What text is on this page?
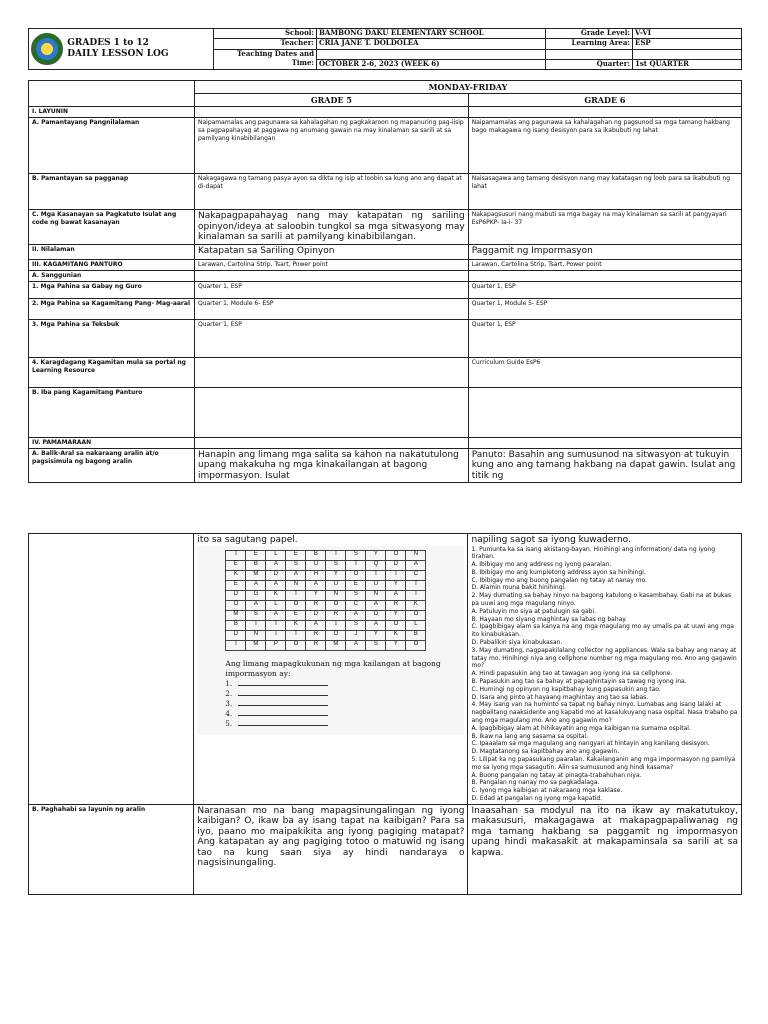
GRADES 1 to 12
DAILY LESSON LOG	School:	BAMBONG DAKU ELEMENTARY SCHOOL	Grade Level:	V-VI
	Teacher:	CRIA JANE T. DOLDOLEA	Learning Area:	ESP
	Teaching Dates and			
	Time:	OCTOBER 2-6, 2023 (WEEK 6)	Quarter:	1st QUARTER
	MONDAY-FRIDAY	
	GRADE 5	GRADE 6
I. LAYUNIN		
A. Pamantayang Pangnilalaman	Naipamamalas ang pagunawa sa kahalagahan ng pagkakaroon ng mapanuring pag-iisip sa pagpapahayag at paggawa ng anumang gawain na may kinalaman sa sarili at sa pamilyang kinabibilangan	Naipamamalas ang pagunawa sa kahalagahan ng pagsunod sa mga tamang hakbang bago makagawa ng isang desisyon para sa ikabubuti ng lahat
B. Pamantayan sa pagganap	Nakagagawa ng tamang pasya ayon sa dikta ng isip at loobin sa kung ano ang dapat at di-dapat	Naisasagawa ang tamang desisyon nang may katatagan ng loob para sa ikabubuti ng lahat
C. Mga Kasanayan sa Pagkatuto Isulat ang code ng bawat kasanayan	Nakapagpapahayag nang may katapatan ng sariling opinyon/ideya at saloobin tungkol sa mga sitwasyong may kinalaman sa sarili at pamilyang kinabibilangan.	Nakapagsusuri nang mabuti sa mga bagay na may kinalaman sa sarili at pangyayari EsP6PKP- Ia-i- 37
II. Nilalaman	Katapatan sa Sariling Opinyon	Paggamit ng Impormasyon
III. KAGAMITANG PANTURO	Larawan, Cartolina Strip, Tsart, Power point	Larawan, Cartolina Strip, Tsart, Power point
A. Sanggunian		
1. Mga Pahina sa Gabay ng Guro	Quarter 1, ESP	Quarter 1, ESP
2. Mga Pahina sa Kagamitang Pang- Mag-aaral	Quarter 1, Module 6- ESP	Quarter 1, Module 5- ESP
3. Mga Pahina sa Teksbuk	Quarter 1, ESP	Quarter 1, ESP
4. Karagdagang Kagamitan mula sa portal ng Learning Resource		Curriculum Guide EsP6
B. Iba pang Kagamitang Panturo		
IV. PAMAMARAAN		
A. Balik-Aral sa nakaraang aralin at/o pagsisimula ng bagong aralin	Hanapin ang limang mga salita sa kahon na nakatutulong upang makakuha ng mga kinakailangan at bagong impormasyon. Isulat	Panuto: Basahin ang sumusunod na sitwasyon at tukuyin kung ano ang tamang hakbang na dapat gawin. Isulat ang titik ng

ito sa sagutang papel.
T	E	L	E	B	I	S	Y	O	N
E	B	A	S	U	S	T	Q	D	A
K	M	D	A	H	Y	O	T	I	C
E	A	A	N	A	U	E	U	Y	T
D	G	K	T	Y	N	S	N	A	I
O	A	L	O	R	O	C	A	R	K
M	S	A	E	D	R	A	D	Y	O
B	I	T	K	A	I	S	A	O	L
D	N	I	T	R	O	J	Y	K	B
I	M	P	O	R	M	A	S	Y	O
Ang limang mapagkukunan ng mga kailangan at bagong impormasyon ay:
1.
2.
3.
4.
5.

napiling sagot sa iyong kuwaderno.
1. Pumunta ka sa isang akistang-bayan. Hinihingi ang information/ data ng iyong tirahan.
A. Ibibigay mo ang address ng iyong paaralan.
B. Ibibigay mo ang kumpletong address ayon sa hinihingi.
C. Ibibigay mo ang buong pangalan ng tatay at nanay mo.
D. Alamin muna bakit hinihingi.
2. May dumating sa bahay ninyo na bagong katulong o kasambahay. Gabi na at bukas pa uuwi ang mga magulang ninyo.
A. Patuluyin mo siya at patulugin sa gabi.
B. Hayaan mo siyang maghintay sa labas ng bahay.
C. Ipagbibigay alam sa kanya na ang mga magulang mo ay umalis pa at uuwi ang mga ito kinabukasan.
D. Pabalikin siya kinabukasan.
3. May dumating, nagpapakilalang collector ng appliances. Wala sa bahay ang nanay at tatay mo. Hinihingi niya ang cellphone number ng mga magulang mo. Ano ang gagawin mo?
A. Hindi papasukin ang tao at tawagan ang iyong ina sa cellphone.
B. Papasukin ang tao sa bahay at papaghintayin sa tawag ng iyong ina.
C. Humingi ng opinyon ng kapitbahay kung papasukin ang tao.
D. Isara ang pinto at hayaang maghintay ang tao sa labas.
4. May isang van na huminto sa tapat ng bahay ninyo. Lumabas ang isang lalaki at nagbalitang naaksidente ang kapatid mo at kasalukuyang nasa ospital. Nasa trabaho pa ang mga magulang mo. Ano ang gagawin mo?
A. Ipagbibigay alam at hihikayatin ang mga kaibigan na sumama ospital.
B. Ikaw na lang ang sasama sa ospital.
C. Ipaaalam sa mga magulang ang nangyari at hintayin ang kanilang desisyon.
D. Magtatanong sa kapitbahay ano ang gagawin.
5. Lilipat ka ng papasukang paaralan. Kakailanganin ang mga impormasyon ng pamilya mo sa iyong mga sasagutin. Alin sa sumusunod ang hindi kasama?
A. Buong pangalan ng tatay at pinagta-trabahuhan niya.
B. Pangalan ng nanay mo sa pagkadalaga.
C. Iyong mga kaibigan at nakaraang mga kaklase.
D. Edad at pangalan ng iyong mga kapatid.

B. Paghahabi sa layunin ng aralin	Naranasan mo na bang mapagsinungalingan ng iyong kaibigan? O, ikaw ba ay isang tapat na kaibigan? Para sa iyo, paano mo maipakikita ang iyong pagiging matapat? Ang katapatan ay ang pagiging totoo o matuwid ng isang tao na kung saan siya ay hindi nandaraya o nagsisinungaling.	Inaasahan sa modyul na ito na ikaw ay makatutukoy, makasusuri, makagagawa at makapagpapaliwanag ng mga tamang hakbang sa paggamit ng impormasyon upang hindi makasakit at makapaminsala sa sarili at sa kapwa.
